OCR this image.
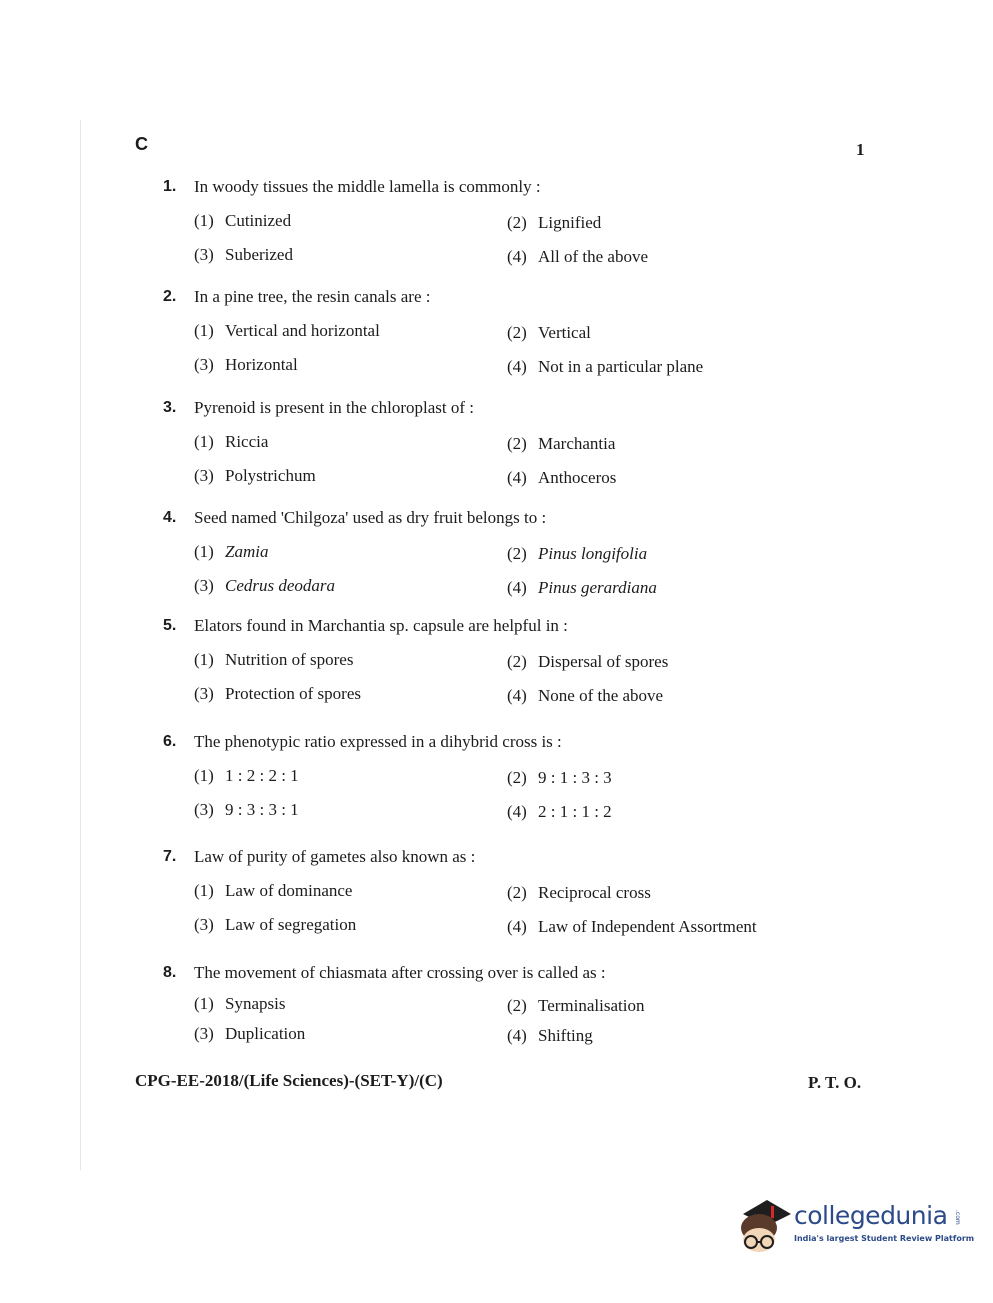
C	1
1. In woody tissues the middle lamella is commonly :
(1) Cutinized	(2) Lignified
(3) Suberized	(4) All of the above
2. In a pine tree, the resin canals are :
(1) Vertical and horizontal	(2) Vertical
(3) Horizontal	(4) Not in a particular plane
3. Pyrenoid is present in the chloroplast of :
(1) Riccia	(2) Marchantia
(3) Polystrichum	(4) Anthoceros
4. Seed named 'Chilgoza' used as dry fruit belongs to :
(1) Zamia	(2) Pinus longifolia
(3) Cedrus deodara	(4) Pinus gerardiana
5. Elators found in Marchantia sp. capsule are helpful in :
(1) Nutrition of spores	(2) Dispersal of spores
(3) Protection of spores	(4) None of the above
6. The phenotypic ratio expressed in a dihybrid cross is :
(1) 1 : 2 : 2 : 1	(2) 9 : 1 : 3 : 3
(3) 9 : 3 : 3 : 1	(4) 2 : 1 : 1 : 2
7. Law of purity of gametes also known as :
(1) Law of dominance	(2) Reciprocal cross
(3) Law of segregation	(4) Law of Independent Assortment
8. The movement of chiasmata after crossing over is called as :
(1) Synapsis	(2) Terminalisation
(3) Duplication	(4) Shifting
CPG-EE-2018/(Life Sciences)-(SET-Y)/(C)	P. T. O.
collegedunia .com
India's largest Student Review Platform
